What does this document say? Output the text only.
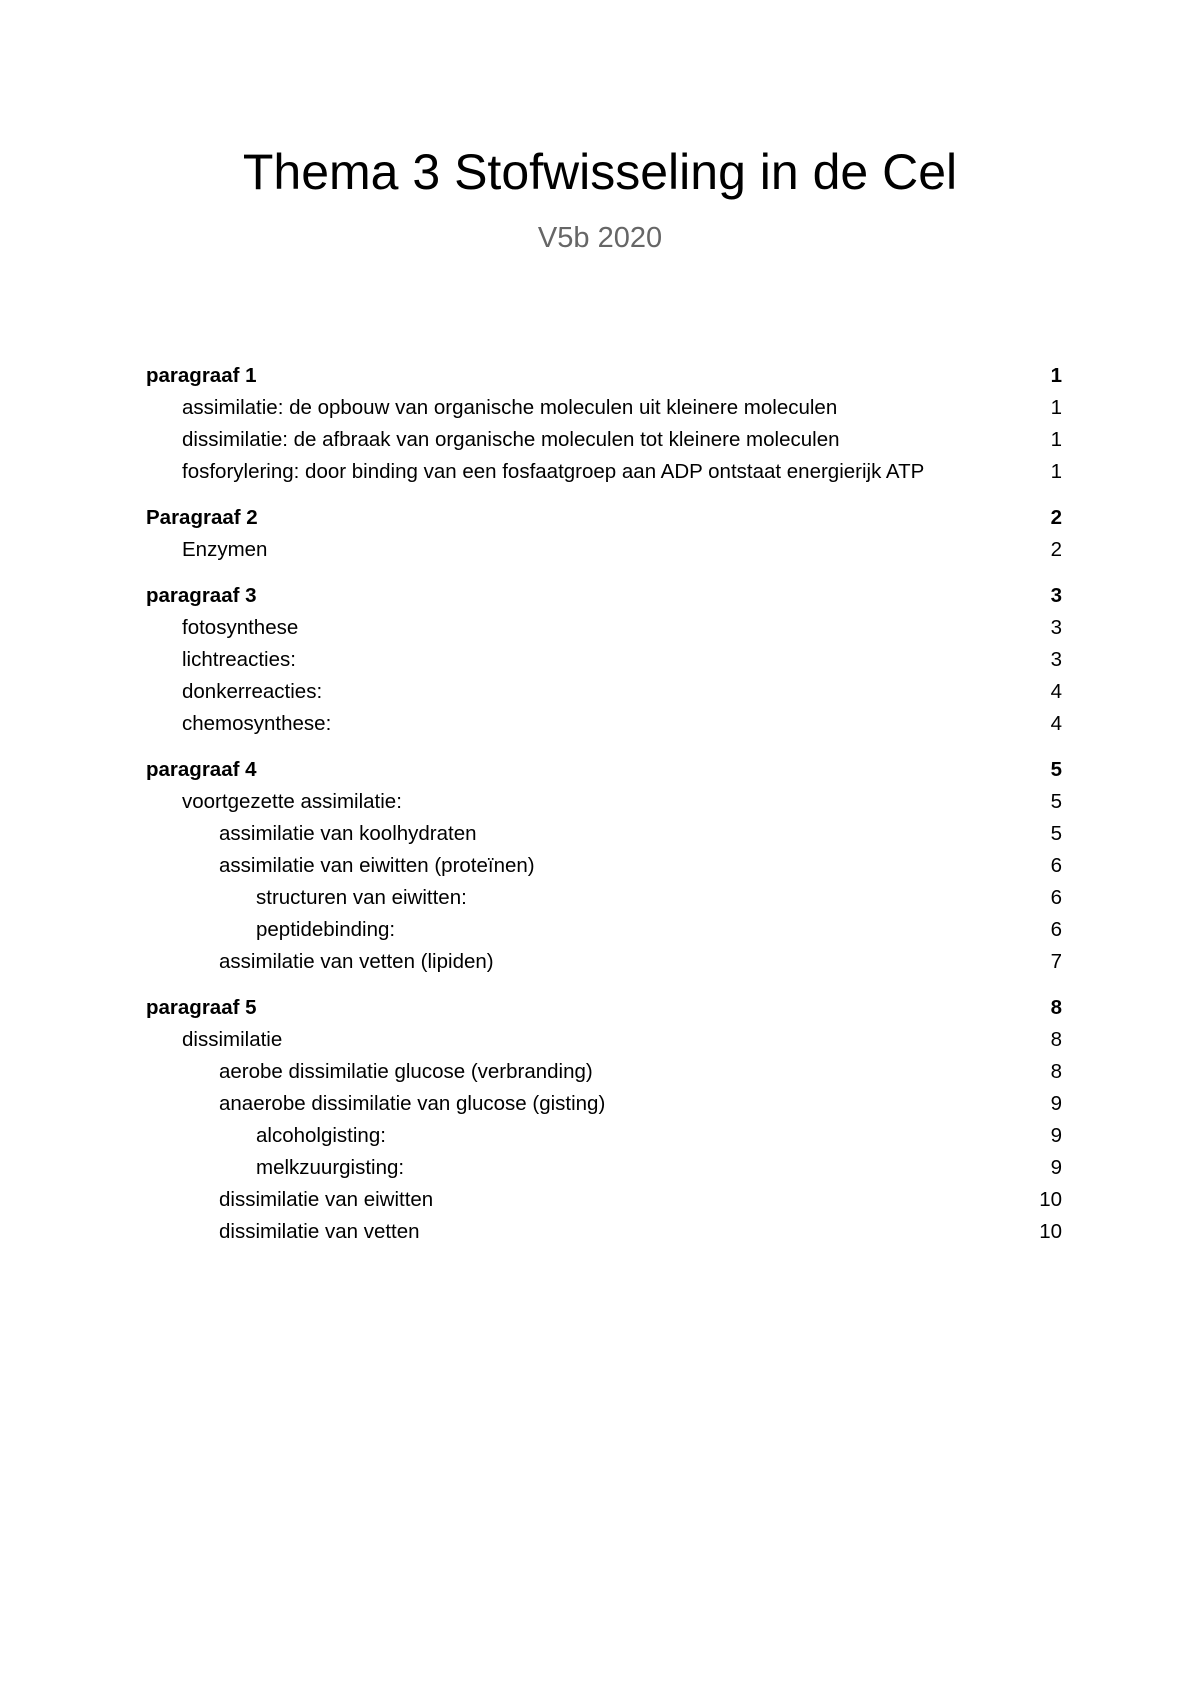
Thema 3 Stofwisseling in de Cel
V5b 2020
paragraaf 1	1
assimilatie: de opbouw van organische moleculen uit kleinere moleculen	1
dissimilatie: de afbraak van organische moleculen tot kleinere moleculen	1
fosforylering: door binding van een fosfaatgroep aan ADP ontstaat energierijk ATP	1
Paragraaf 2	2
Enzymen	2
paragraaf 3	3
fotosynthese	3
lichtreacties:	3
donkerreacties:	4
chemosynthese:	4
paragraaf 4	5
voortgezette assimilatie:	5
assimilatie van koolhydraten	5
assimilatie van eiwitten (proteïnen)	6
structuren van eiwitten:	6
peptidebinding:	6
assimilatie van vetten (lipiden)	7
paragraaf 5	8
dissimilatie	8
aerobe dissimilatie glucose (verbranding)	8
anaerobe dissimilatie van glucose (gisting)	9
alcoholgisting:	9
melkzuurgisting:	9
dissimilatie van eiwitten	10
dissimilatie van vetten	10
